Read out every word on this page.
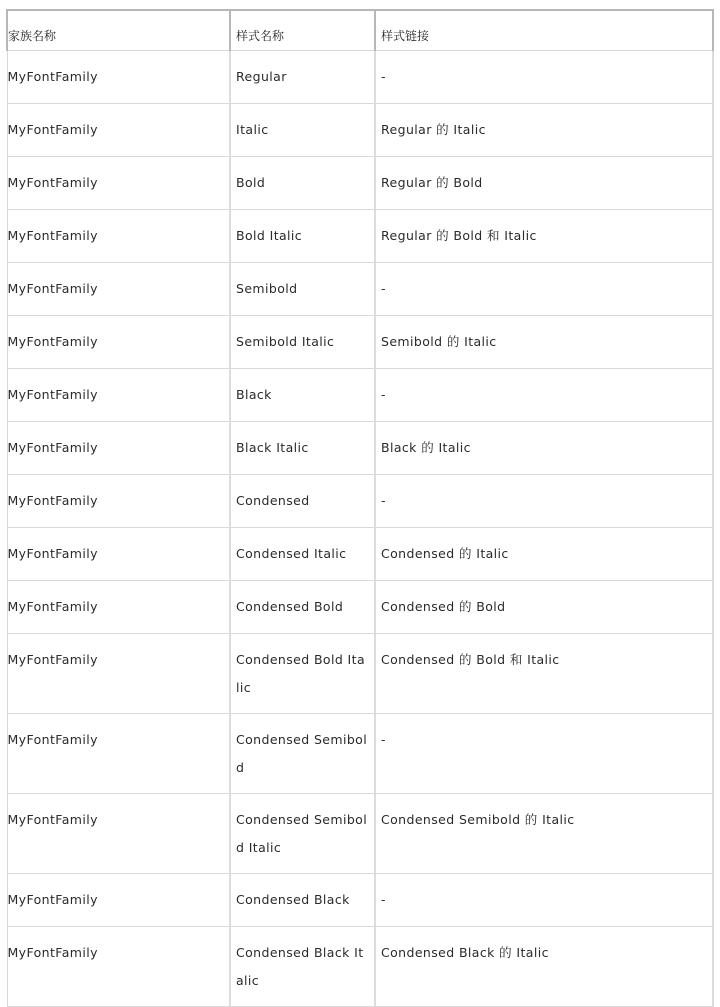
家族名称	样式名称	样式链接
MyFontFamily	Regular	-
MyFontFamily	Italic	Regular 的 Italic
MyFontFamily	Bold	Regular 的 Bold
MyFontFamily	Bold Italic	Regular 的 Bold 和 Italic
MyFontFamily	Semibold	-
MyFontFamily	Semibold Italic	Semibold 的 Italic
MyFontFamily	Black	-
MyFontFamily	Black Italic	Black 的 Italic
MyFontFamily	Condensed	-
MyFontFamily	Condensed Italic	Condensed 的 Italic
MyFontFamily	Condensed Bold	Condensed 的 Bold
MyFontFamily	Condensed Bold Italic	Condensed 的 Bold 和 Italic
MyFontFamily	Condensed Semibold	-
MyFontFamily	Condensed Semibold Italic	Condensed Semibold 的 Italic
MyFontFamily	Condensed Black	-
MyFontFamily	Condensed Black Italic	Condensed Black 的 Italic
